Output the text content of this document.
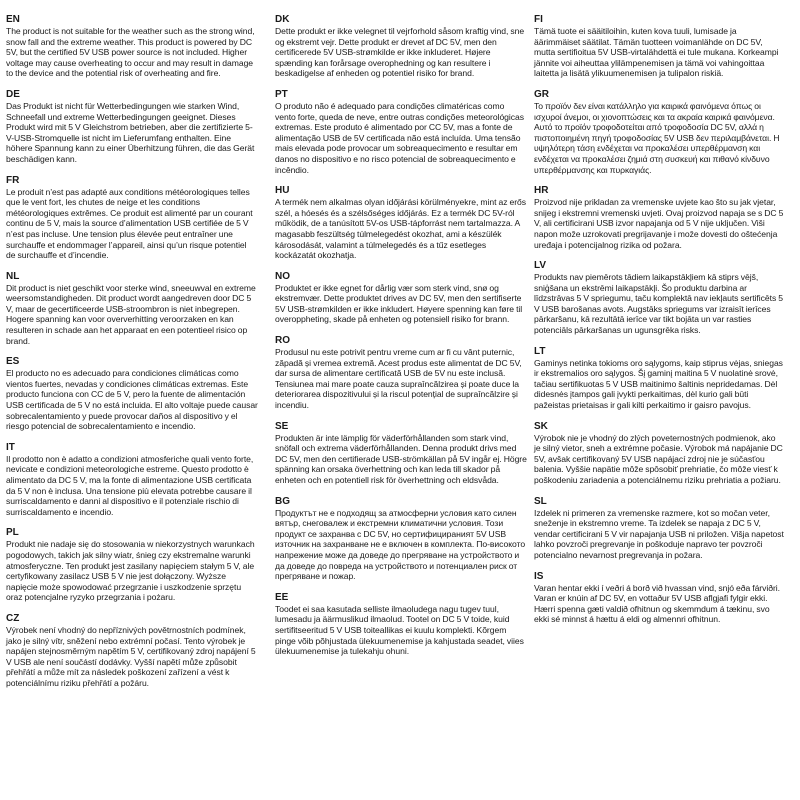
EN

The product is not suitable for the weather such as the strong wind, snow fall and the extreme weather. This product is powered by DC 5V, but the certified 5V USB power source is not included. Higher voltage may cause overheating to occur and may result in damage to the device and the potential risk of overheating and fire.

DE

Das Produkt ist nicht für Wetterbedingungen wie starken Wind, Schneefall und extreme Wetterbedingungen geeignet. Dieses Produkt wird mit 5 V Gleichstrom betrieben, aber die zertifizierte 5-V-USB-Stromquelle ist nicht im Lieferumfang enthalten. Eine höhere Spannung kann zu einer Überhitzung führen, die das Gerät beschädigen kann.

FR

Le produit n’est pas adapté aux conditions météorologiques telles que le vent fort, les chutes de neige et les conditions météorologiques extrêmes. Ce produit est alimenté par un courant continu de 5 V, mais la source d’alimentation USB certifiée de 5 V n’est pas incluse. Une tension plus élevée peut entraîner une surchauffe et endommager l’appareil, ainsi qu’un risque potentiel de surchauffe et d’incendie.

NL

Dit product is niet geschikt voor sterke wind, sneeuwval en extreme weersomstandigheden. Dit product wordt aangedreven door DC 5 V, maar de gecertificeerde USB-stroombron is niet inbegrepen. Hogere spanning kan voor oververhitting veroorzaken en kan resulteren in schade aan het apparaat en een potentieel risico op brand.

ES

El producto no es adecuado para condiciones climáticas como vientos fuertes, nevadas y condiciones climáticas extremas. Este producto funciona con CC de 5 V, pero la fuente de alimentación USB certificada de 5 V no está incluida. El alto voltaje puede causar sobrecalentamiento y puede provocar daños al dispositivo y el riesgo potencial de sobrecalentamiento e incendio.

IT

Il prodotto non è adatto a condizioni atmosferiche quali vento forte, nevicate e condizioni meteorologiche estreme. Questo prodotto è alimentato da DC 5 V, ma la fonte di alimentazione USB certificata da 5 V non è inclusa. Una tensione più elevata potrebbe causare il surriscaldamento e danni al dispositivo e il potenziale rischio di surriscaldamento e incendio.

PL

Produkt nie nadaje się do stosowania w niekorzystnych warunkach pogodowych, takich jak silny wiatr, śnieg czy ekstremalne warunki atmosferyczne. Ten produkt jest zasilany napięciem stałym 5 V, ale certyfikowany zasilacz USB 5 V nie jest dołączony. Wyższe napięcie może spowodować przegrzanie i uszkodzenie sprzętu oraz potencjalne ryzyko przegrzania i pożaru.

CZ

Výrobek není vhodný do nepříznivých povětrnostních podmínek, jako je silný vítr, sněžení nebo extrémní počasí. Tento výrobek je napájen stejnosměrným napětím 5 V, certifikovaný zdroj napájení 5 V USB ale není součástí dodávky. Vyšší napětí může způsobit přehřátí a může mít za následek poškození zařízení a vést k potenciálnímu riziku přehřátí a požáru.

DK

Dette produkt er ikke velegnet til vejrforhold såsom kraftig vind, sne og ekstremt vejr. Dette produkt er drevet af DC 5V, men den certificerede 5V USB-strømkilde er ikke inkluderet. Højere spænding kan forårsage overophedning og kan resultere i beskadigelse af enheden og potentiel risiko for brand.

PT

O produto não é adequado para condições climatéricas como vento forte, queda de neve, entre outras condições meteorológicas extremas. Este produto é alimentado por CC 5V, mas a fonte de alimentação USB de 5V certificada não está incluída. Uma tensão mais elevada pode provocar um sobreaquecimento e resultar em danos no dispositivo e no risco potencial de sobreaquecimento e incêndio.

HU

A termék nem alkalmas olyan időjárási körülményekre, mint az erős szél, a hóesés és a szélsőséges időjárás. Ez a termék DC 5V-ról működik, de a tanúsított 5V-os USB-tápforrást nem tartalmazza. A magasabb feszültség túlmelegedést okozhat, ami a készülék károsodását, valamint a túlmelegedés és a tűz esetleges kockázatát okozhatja.

NO

Produktet er ikke egnet for dårlig vær som sterk vind, snø og ekstremvær. Dette produktet drives av DC 5V, men den sertifiserte 5V USB-strømkilden er ikke inkludert. Høyere spenning kan føre til overoppheting, skade på enheten og potensiell risiko for brann.

RO

Produsul nu este potrivit pentru vreme cum ar fi cu vânt puternic, zăpadă și vremea extremă. Acest produs este alimentat de DC 5V, dar sursa de alimentare certificată USB de 5V nu este inclusă. Tensiunea mai mare poate cauza supraîncălzirea și poate duce la deteriorarea dispozitivului și la riscul potențial de supraîncălzire și incendiu.

SE

Produkten är inte lämplig för väderförhållanden som stark vind, snöfall och extrema väderförhållanden. Denna produkt drivs med DC 5V, men den certifierade USB-strömkällan på 5V ingår ej. Högre spänning kan orsaka överhettning och kan leda till skador på enheten och en potentiell risk för överhettning och eldsvåda.

BG

Продуктът не е подходящ за атмосферни условия като силен вятър, снеговалеж и екстремни климатични условия. Този продукт се захранва с DC 5V, но сертифицираният 5V USB източник на захранване не е включен в комплекта. По-високото напрежение може да доведе до прегряване на устройството и да доведе до повреда на устройството и потенциален риск от прегряване и пожар.

EE

Toodet ei saa kasutada selliste ilmaoludega nagu tugev tuul, lumesadu ja äärmuslikud ilmaolud. Tootel on DC 5 V toide, kuid sertifitseeritud 5 V USB toiteallikas ei kuulu komplekti. Kõrgem pinge võib põhjustada ülekuumenemise ja kahjustada seadet, viies ülekuumenemise ja tulekahju ohuni.

FI

Tämä tuote ei sääitiloihin, kuten kova tuuli, lumisade ja äärimmäiset säätilat. Tämän tuotteen voimanlähde on DC 5V, mutta sertifioitua 5V USB-virtalähdettä ei tule mukana. Korkeampi jännite voi aiheuttaa ylilämpenemisen ja tämä voi vahingoittaa laitetta ja lisätä ylikuumenemisen ja tulipalon riskiä.

GR

Το προϊόν δεν είναι κατάλληλο για καιρικά φαινόμενα όπως οι ισχυροί άνεμοι, οι χιονοπτώσεις και τα ακραία καιρικά φαινόμενα. Αυτό το προϊόν τροφοδοτείται από τροφοδοσία DC 5V, αλλά η πιστοποιημένη πηγή τροφοδοσίας 5V USB δεν περιλαμβάνεται. Η υψηλότερη τάση ενδέχεται να προκαλέσει υπερθέρμανση και ενδέχεται να προκαλέσει ζημιά στη συσκευή και πιθανό κίνδυνο υπερθέρμανσης και πυρκαγιάς.

HR

Proizvod nije prikladan za vremenske uvjete kao što su jak vjetar, snijeg i ekstremni vremenski uvjeti. Ovaj proizvod napaja se s DC 5 V, ali certificirani USB izvor napajanja od 5 V nije uključen. Viši napon može uzrokovati pregrijavanje i može dovesti do oštećenja uređaja i potencijalnog rizika od požara.

LV

Produkts nav piemērots tādiem laikapstākļiem kā stiprs vējš, sniģšana un ekstrēmi laikapstākļi. Šo produktu darbina ar līdzstrāvas 5 V spriegumu, taču komplektā nav iekļauts sertificēts 5 V USB barošanas avots. Augstāks spriegums var izraisīt ierīces pārkaršanu, kā rezultātā ierīce var tikt bojāta un var rasties potenciāls pārkaršanas un ugunsgrēka risks.

LT

Gaminys netinka tokioms oro sąlygoms, kaip stiprus vėjas, sniegas ir ekstremalios oro sąlygos. Šį gaminį maitina 5 V nuolatinė srovė, tačiau sertifikuotas 5 V USB maitinimo šaltinis nepridedamas. Dėl didesnės įtampos gali įvykti perkaitimas, dėl kurio gali būti pažeistas prietaisas ir gali kilti perkaitimo ir gaisro pavojus.

SK

Výrobok nie je vhodný do zlých poveternostných podmienok, ako je silný vietor, sneh a extrémne počasie. Výrobok má napájanie DC 5V, avšak certifikovaný 5V USB napájací zdroj nie je súčasťou balenia. Vyššie napätie môže spôsobiť prehriatie, čo môže viesť k poškodeniu zariadenia a potenciálnemu riziku prehriatia a požiaru.

SL

Izdelek ni primeren za vremenske razmere, kot so močan veter, sneženje in ekstremno vreme. Ta izdelek se napaja z DC 5 V, vendar certificirani 5 V vir napajanja USB ni priložen. Višja napetost lahko povzroči pregrevanje in poškoduje napravo ter povzroči potencialno nevarnost pregrevanja in požara.

IS

Varan hentar ekki í veðri á borð við hvassan vind, snjó eða fárviðri. Varan er knúin af DC 5V, en vottaður 5V USB aflgjafi fylgir ekki. Hærri spenna gæti valdið ofhitnun og skemmdum á tækinu, svo ekki sé minnst á hættu á eldi og almennri ofhitnun.
